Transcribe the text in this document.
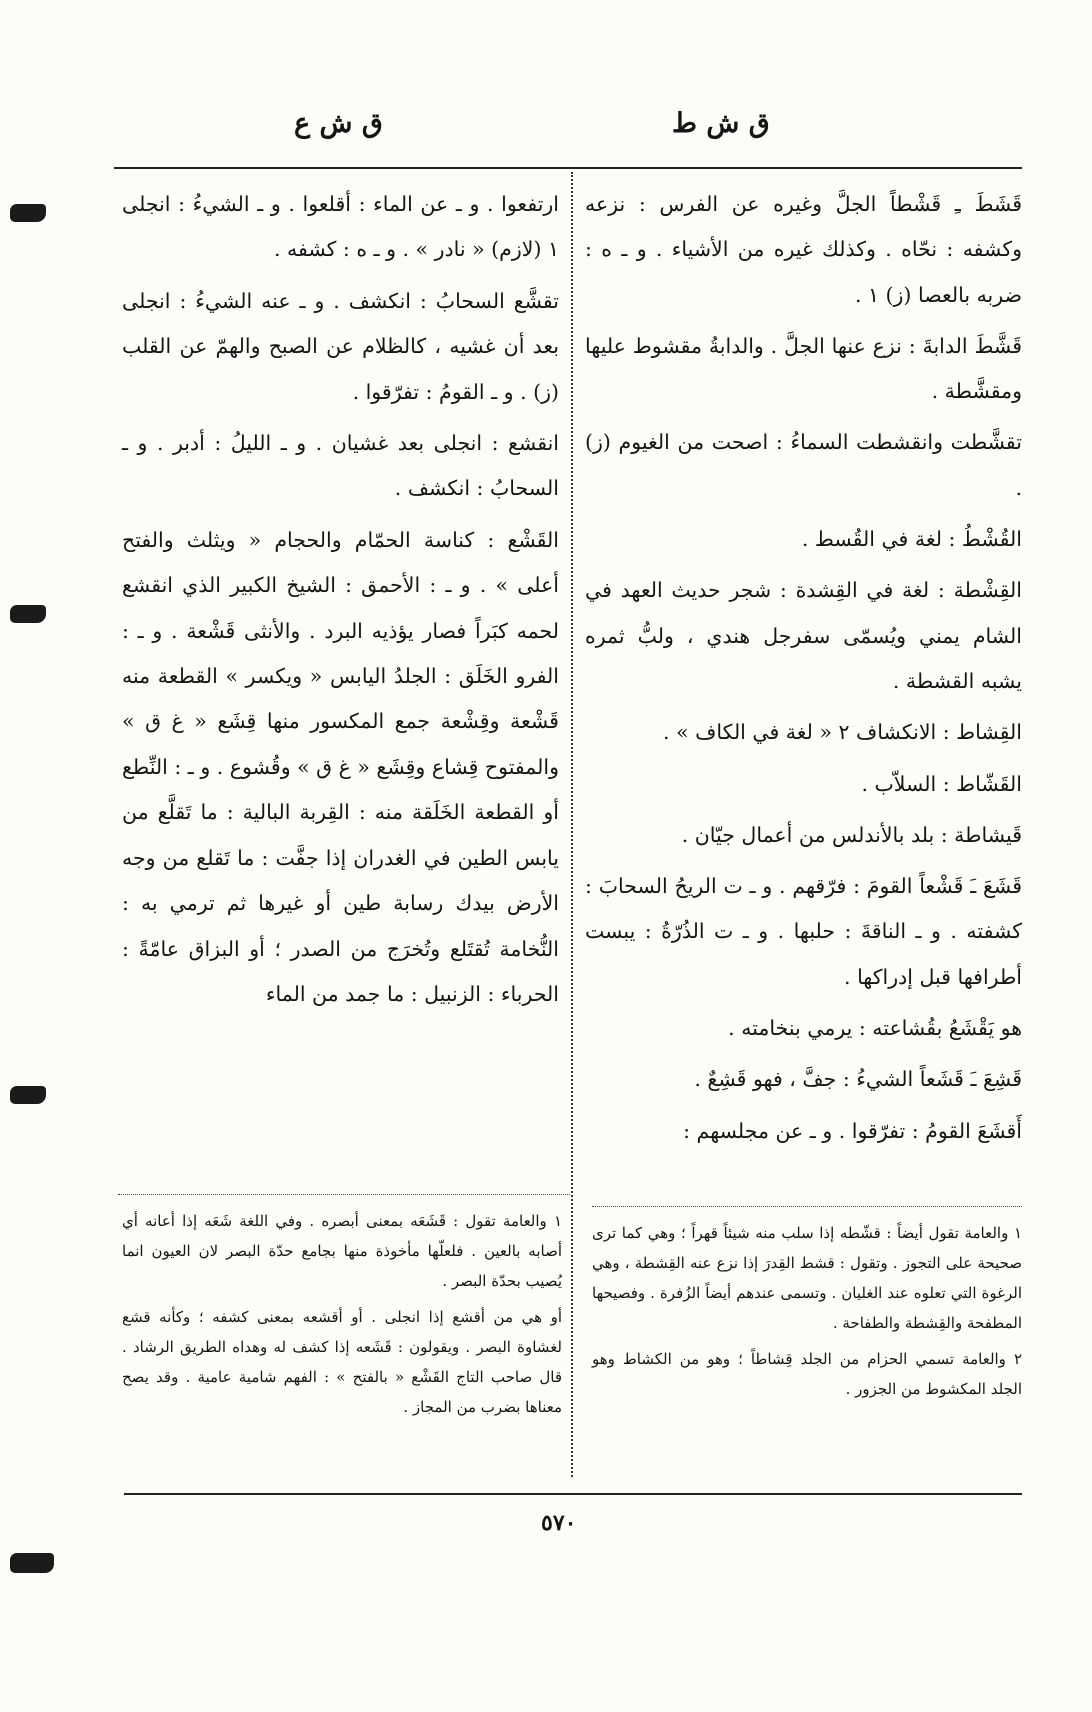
ق ش ط
ق ش ع

قَشَطَ ـِ قَشْطاً الجلَّ وغيره عن الفرس : نزعه وكشفه : نحّاه . وكذلك غيره من الأشياء . و ـ ه : ضربه بالعصا (ز) ١ .

قَشَّطَ الدابةَ : نزع عنها الجلَّ . والدابةُ مقشوط عليها ومقشَّطة .

تقشَّطت وانقشطت السماءُ : اصحت من الغيوم (ز) .

القُشْطُ : لغة في القُسط .

القِشْطة : لغة في القِشدة : شجر حديث العهد في الشام يمني ويُسمّى سفرجل هندي ، ولبُّ ثمره يشبه القشطة .

القِشاط : الانكشاف ٢ « لغة في الكاف » .

القَشّاط : السلاّب .

قَيشاطة : بلد بالأندلس من أعمال جيّان .

قَشَعَ ـَ قَشْعاً القومَ : فرّقهم . و ـ ت الريحُ السحابَ : كشفته . و ـ الناقةَ : حلبها . و ـ ت الذُرّةُ : يبست أطرافها قبل إدراكها .

هو يَقْشَعُ بقُشاعته : يرمي بنخامته .

قَشِعَ ـَ قَشَعاً الشيءُ : جفَّ ، فهو قَشِعٌ .

أَقشَعَ القومُ : تفرّقوا . و ـ عن مجلسهم :

ارتفعوا . و ـ عن الماء : أقلعوا . و ـ الشيءُ : انجلى ١ (لازم) « نادر » . و ـ ه : كشفه .

تقشَّع السحابُ : انكشف . و ـ عنه الشيءُ : انجلى بعد أن غشيه ، كالظلام عن الصبح والهمّ عن القلب (ز) . و ـ القومُ : تفرّقوا .

انقشع : انجلى بعد غشيان . و ـ الليلُ : أدبر . و ـ السحابُ : انكشف .

القَشْع : كناسة الحمّام والحجام « ويثلث والفتح أعلى » . و ـ : الأحمق : الشيخ الكبير الذي انقشع لحمه كبَراً فصار يؤذيه البرد . والأنثى قَشْعة . و ـ : الفرو الخَلَق : الجلدُ اليابس « ويكسر » القطعة منه قَشْعة وقِشْعة جمع المكسور منها قِشَع « غ ق » والمفتوح قِشاع وقِشَع « غ ق » وقُشوع . و ـ : النِّطع أو القطعة الخَلَقة منه : القِربة البالية : ما تَقلَّع من يابس الطين في الغدران إذا جفَّت : ما تَقلع من وجه الأرض بيدك رسابة طين أو غيرها ثم ترمي به : النُّخامة تُقتَلع وتُخرَج من الصدر ؛ أو البزاق عامّةً : الحرباء : الزنبيل : ما جمد من الماء

١ والعامة تقول أيضاً : قشّطه إذا سلب منه شيئاً قهراً ؛ وهي كما ترى صحيحة على التجوز . وتقول : قشط القِدرَ إذا نزع عنه القِشطة ، وهي الرغوة التي تعلوه عند الغليان . وتسمى عندهم أيضاً الزُفرة . وفصيحها المطفحة والقِشطة والطفاحة .

٢ والعامة تسمي الحزام من الجلد قِشاطاً ؛ وهو من الكشاط وهو الجلد المكشوط من الجزور .

١ والعامة تقول : قَشَعَه بمعنى أبصره . وفي اللغة شَعَه إذا أعانه أي أصابه بالعين . فلعلّها مأخوذة منها بجامع حدّة البصر لان العيون انما يُصيب بحدّة البصر .

أو هي من أقشع إذا انجلى . أو أقشعه بمعنى كشفه ؛ وكأنه قشع لغشاوة البصر . ويقولون : قَشَعه إذا كشف له وهداه الطريق الرشاد . قال صاحب التاج القَشْع « بالفتح » : الفهم شامية عامية . وقد يصح معناها بضرب من المجاز .

٥٧٠
